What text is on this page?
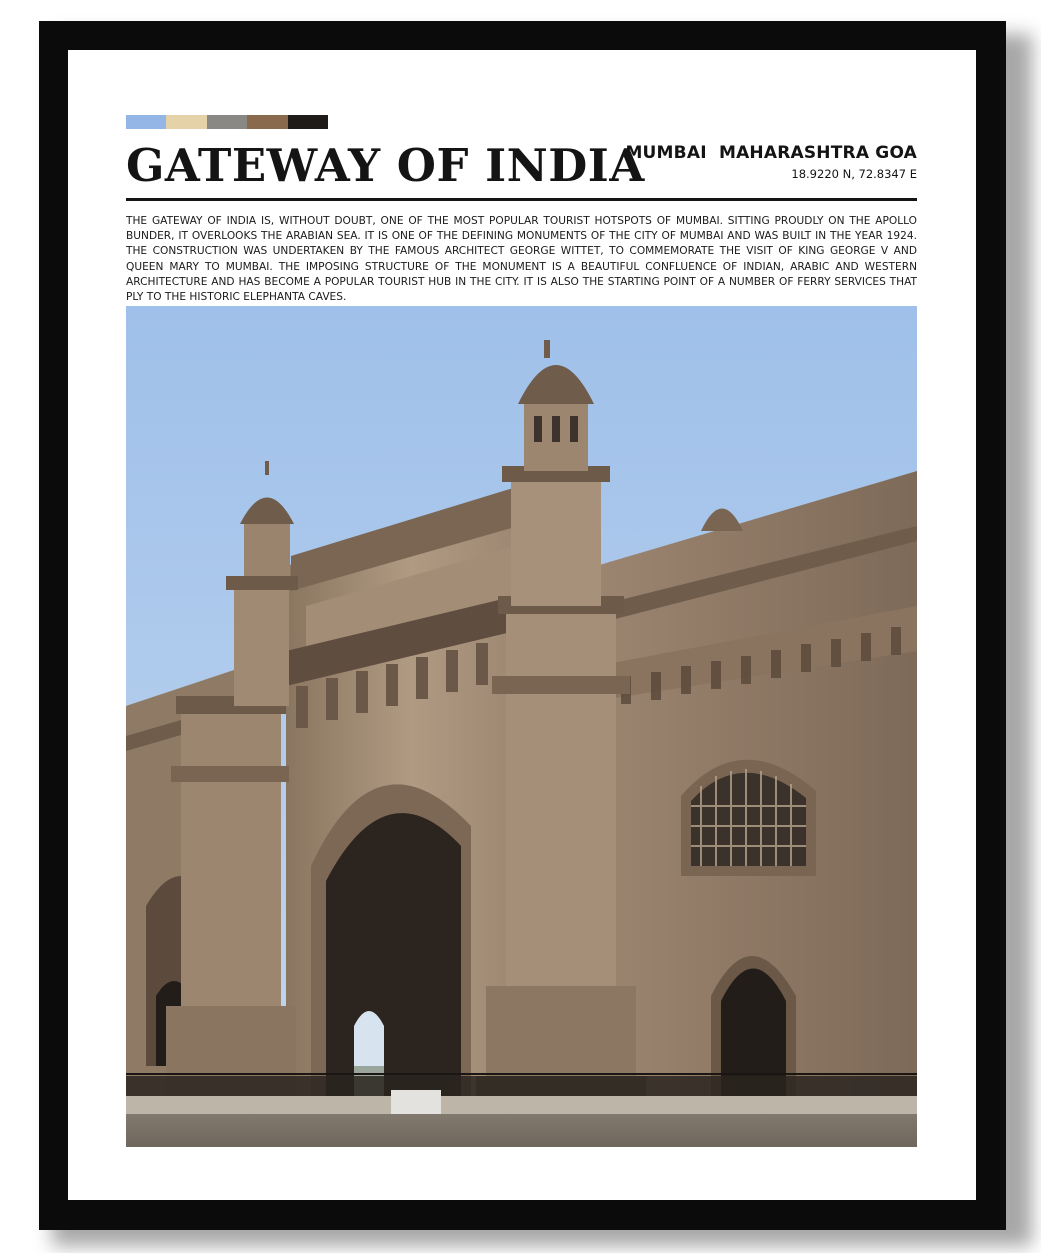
GATEWAY OF INDIA
MUMBAI  MAHARASHTRA GOA
18.9220 N, 72.8347 E
THE GATEWAY OF INDIA IS, WITHOUT DOUBT, ONE OF THE MOST POPULAR TOURIST HOTSPOTS OF MUMBAI. SITTING PROUDLY ON THE APOLLO BUNDER, IT OVERLOOKS THE ARABIAN SEA. IT IS ONE OF THE DEFINING MONUMENTS OF THE CITY OF MUMBAI AND WAS BUILT IN THE YEAR 1924. THE CONSTRUCTION WAS UNDERTAKEN BY THE FAMOUS ARCHITECT GEORGE WITTET, TO COMMEMORATE THE VISIT OF KING GEORGE V AND QUEEN MARY TO MUMBAI. THE IMPOSING STRUCTURE OF THE MONUMENT IS A BEAUTIFUL CONFLUENCE OF INDIAN, ARABIC AND WESTERN ARCHITECTURE AND HAS BECOME A POPULAR TOURIST HUB IN THE CITY. IT IS ALSO THE STARTING POINT OF A NUMBER OF FERRY SERVICES THAT PLY TO THE HISTORIC ELEPHANTA CAVES.
